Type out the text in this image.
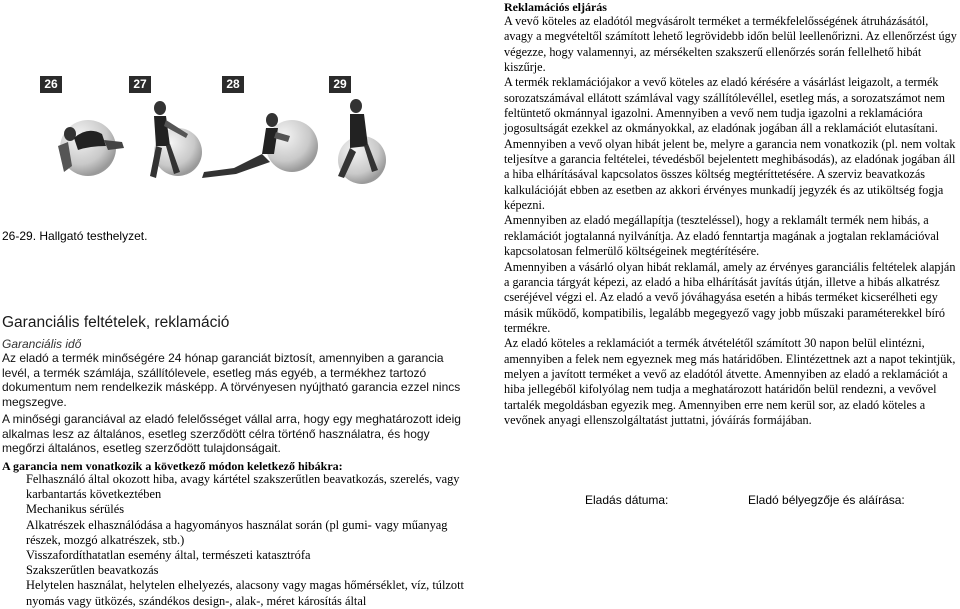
26	27	28	29
26-29. Hallgató testhelyzet.
Garanciális feltételek, reklamáció
Garanciális idő
Az eladó a termék minőségére 24 hónap garanciát biztosít, amennyiben a garancia levél, a termék számlája, szállítólevele, esetleg más egyéb, a termékhez tartozó dokumentum nem rendelkezik másképp. A törvényesen nyújtható garancia ezzel nincs megszegve.
A minőségi garanciával az eladó felelősséget vállal arra, hogy egy meghatározott ideig alkalmas lesz az általános, esetleg szerződött célra történő használatra, és hogy megőrzi általános, esetleg szerződött tulajdonságait.
A garancia nem vonatkozik a következő módon keletkező hibákra:
Felhasználó által okozott hiba, avagy kártétel szakszerűtlen beavatkozás, szerelés, vagy karbantartás következtében
Mechanikus sérülés
Alkatrészek elhasználódása a hagyományos használat során (pl gumi- vagy műanyag részek, mozgó alkatrészek, stb.)
Visszafordíthatatlan esemény által, természeti katasztrófa
Szakszerűtlen beavatkozás
Helytelen használat, helytelen elhelyezés, alacsony vagy magas hőmérséklet, víz, túlzott nyomás vagy ütközés, szándékos design-, alak-, méret károsítás által
Reklamációs eljárás

A vevő köteles az eladótól megvásárolt terméket a termékfelelősségének átruházásától, avagy a megvételtől számított lehető legrövidebb időn belül leellenőrizni. Az ellenőrzést úgy végezze, hogy valamennyi, az mérsékelten szakszerű ellenőrzés során fellelhető hibát kiszűrje.

A termék reklamációjakor a vevő köteles az eladó kérésére a vásárlást leigazolt, a termék sorozatszámával ellátott számlával vagy szállítólevéllel, esetleg más, a sorozatszámot nem feltüntető okmánnyal igazolni. Amennyiben a vevő nem tudja igazolni a reklamációra jogosultságát ezekkel az okmányokkal, az eladónak jogában áll a reklamációt elutasítani.

Amennyiben a vevő olyan hibát jelent be, melyre a garancia nem vonatkozik (pl. nem voltak teljesítve a garancia feltételei, tévedésből bejelentett meghibásodás), az eladónak jogában áll a hiba elhárításával kapcsolatos összes költség megtéríttetésére. A szerviz beavatkozás kalkulációját ebben az esetben az akkori érvényes munkadíj jegyzék és az utiköltség fogja képezni.

Amennyiben az eladó megállapítja (teszteléssel), hogy a reklamált termék nem hibás, a reklamációt jogtalanná nyilvánítja. Az eladó fenntartja magának a jogtalan reklamációval kapcsolatosan felmerülő költségeinek megtérítésére.

Amennyiben a vásárló olyan hibát reklamál, amely az érvényes garanciális feltételek alapján a garancia tárgyát képezi, az eladó a hiba elhárítását javítás útján, illetve a hibás alkatrész cseréjével végzi el. Az eladó a vevő jóváhagyása esetén a hibás terméket kicserélheti egy másik működő, kompatibilis, legalább megegyező vagy jobb műszaki paraméterekkel bíró termékre.

Az eladó köteles a reklamációt a termék átvételétől számított 30 napon belül elintézni, amennyiben a felek nem egyeznek meg más határidőben. Elintézettnek azt a napot tekintjük, melyen a javított terméket a vevő az eladótól átvette. Amennyiben az eladó a reklamációt a hiba jellegéből kifolyólag nem tudja a meghatározott határidőn belül rendezni, a vevővel tartalék megoldásban egyezik meg. Amennyiben erre nem kerül sor, az eladó köteles a vevőnek anyagi ellenszolgáltatást juttatni, jóváírás formájában.

Eladás dátuma:	Eladó bélyegzője és aláírása:
